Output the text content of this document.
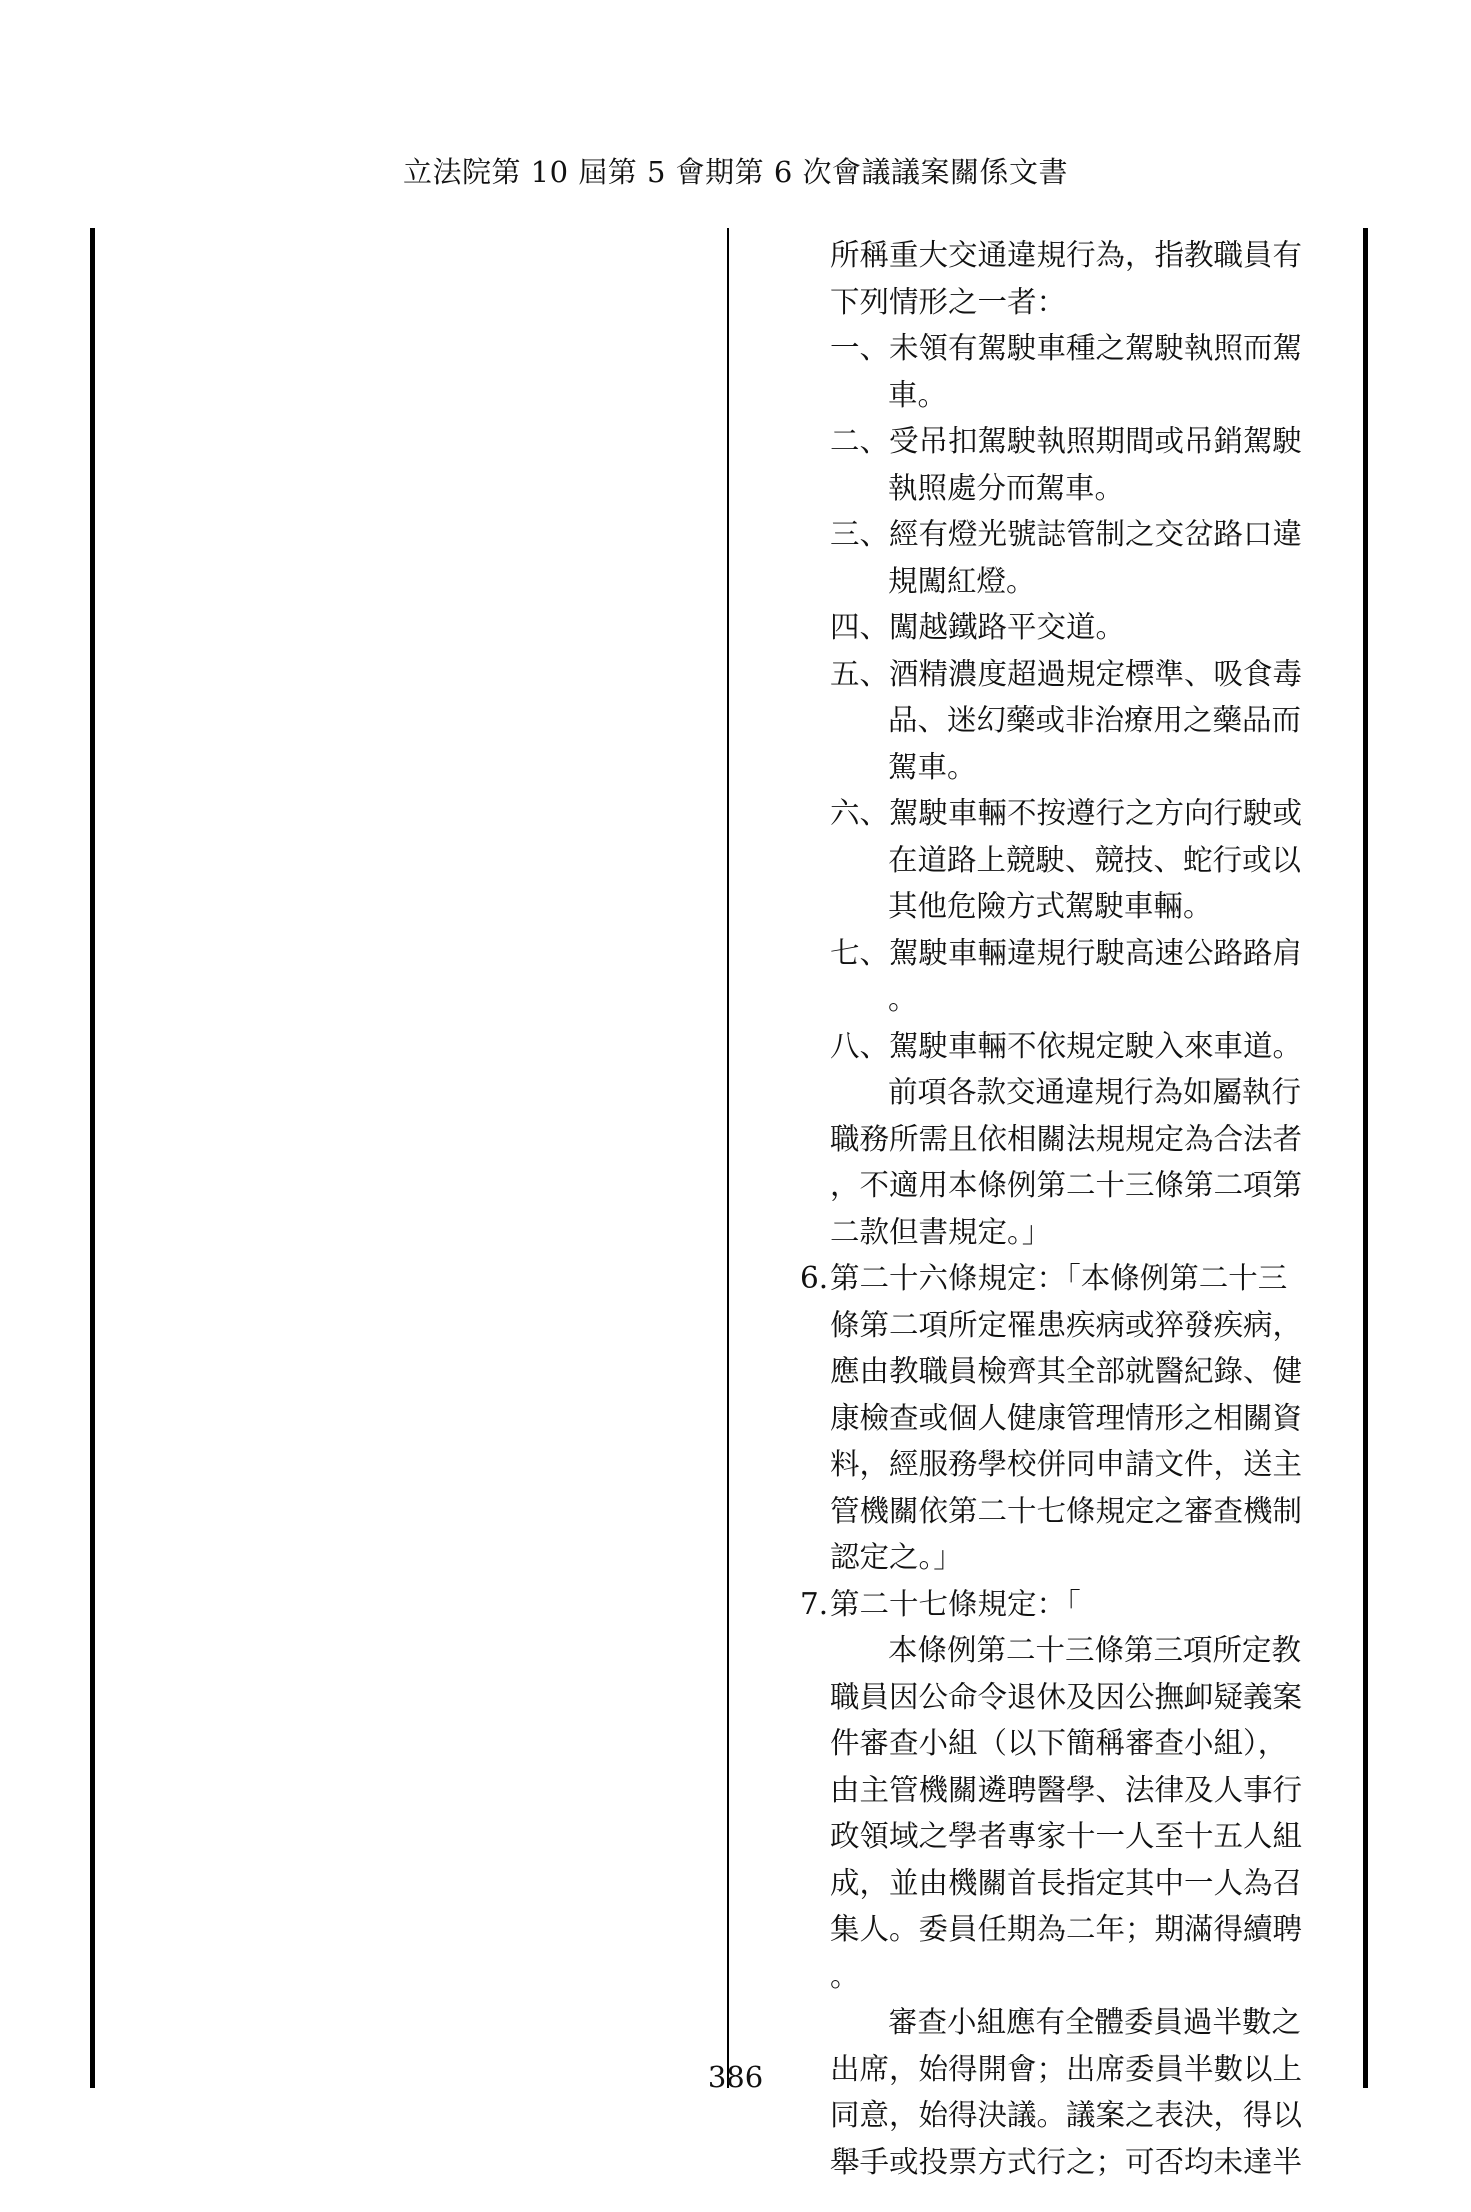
立法院第 10 屆第 5 會期第 6 次會議議案關係文書
所稱重大交通違規行為，指教職員有
下列情形之一者：
一、未領有駕駛車種之駕駛執照而駕
車。
二、受吊扣駕駛執照期間或吊銷駕駛
執照處分而駕車。
三、經有燈光號誌管制之交岔路口違
規闖紅燈。
四、闖越鐵路平交道。
五、酒精濃度超過規定標準、吸食毒
品、迷幻藥或非治療用之藥品而
駕車。
六、駕駛車輛不按遵行之方向行駛或
在道路上競駛、競技、蛇行或以
其他危險方式駕駛車輛。
七、駕駛車輛違規行駛高速公路路肩
。
八、駕駛車輛不依規定駛入來車道。
前項各款交通違規行為如屬執行
職務所需且依相關法規規定為合法者
，不適用本條例第二十三條第二項第
二款但書規定。」
6. 第二十六條規定：「本條例第二十三
條第二項所定罹患疾病或猝發疾病，
應由教職員檢齊其全部就醫紀錄、健
康檢查或個人健康管理情形之相關資
料，經服務學校併同申請文件，送主
管機關依第二十七條規定之審查機制
認定之。」
7. 第二十七條規定：「
本條例第二十三條第三項所定教
職員因公命令退休及因公撫卹疑義案
件審查小組（以下簡稱審查小組），
由主管機關遴聘醫學、法律及人事行
政領域之學者專家十一人至十五人組
成，並由機關首長指定其中一人為召
集人。委員任期為二年；期滿得續聘
。
審查小組應有全體委員過半數之
出席，始得開會；出席委員半數以上
同意，始得決議。議案之表決，得以
舉手或投票方式行之；可否均未達半
386
